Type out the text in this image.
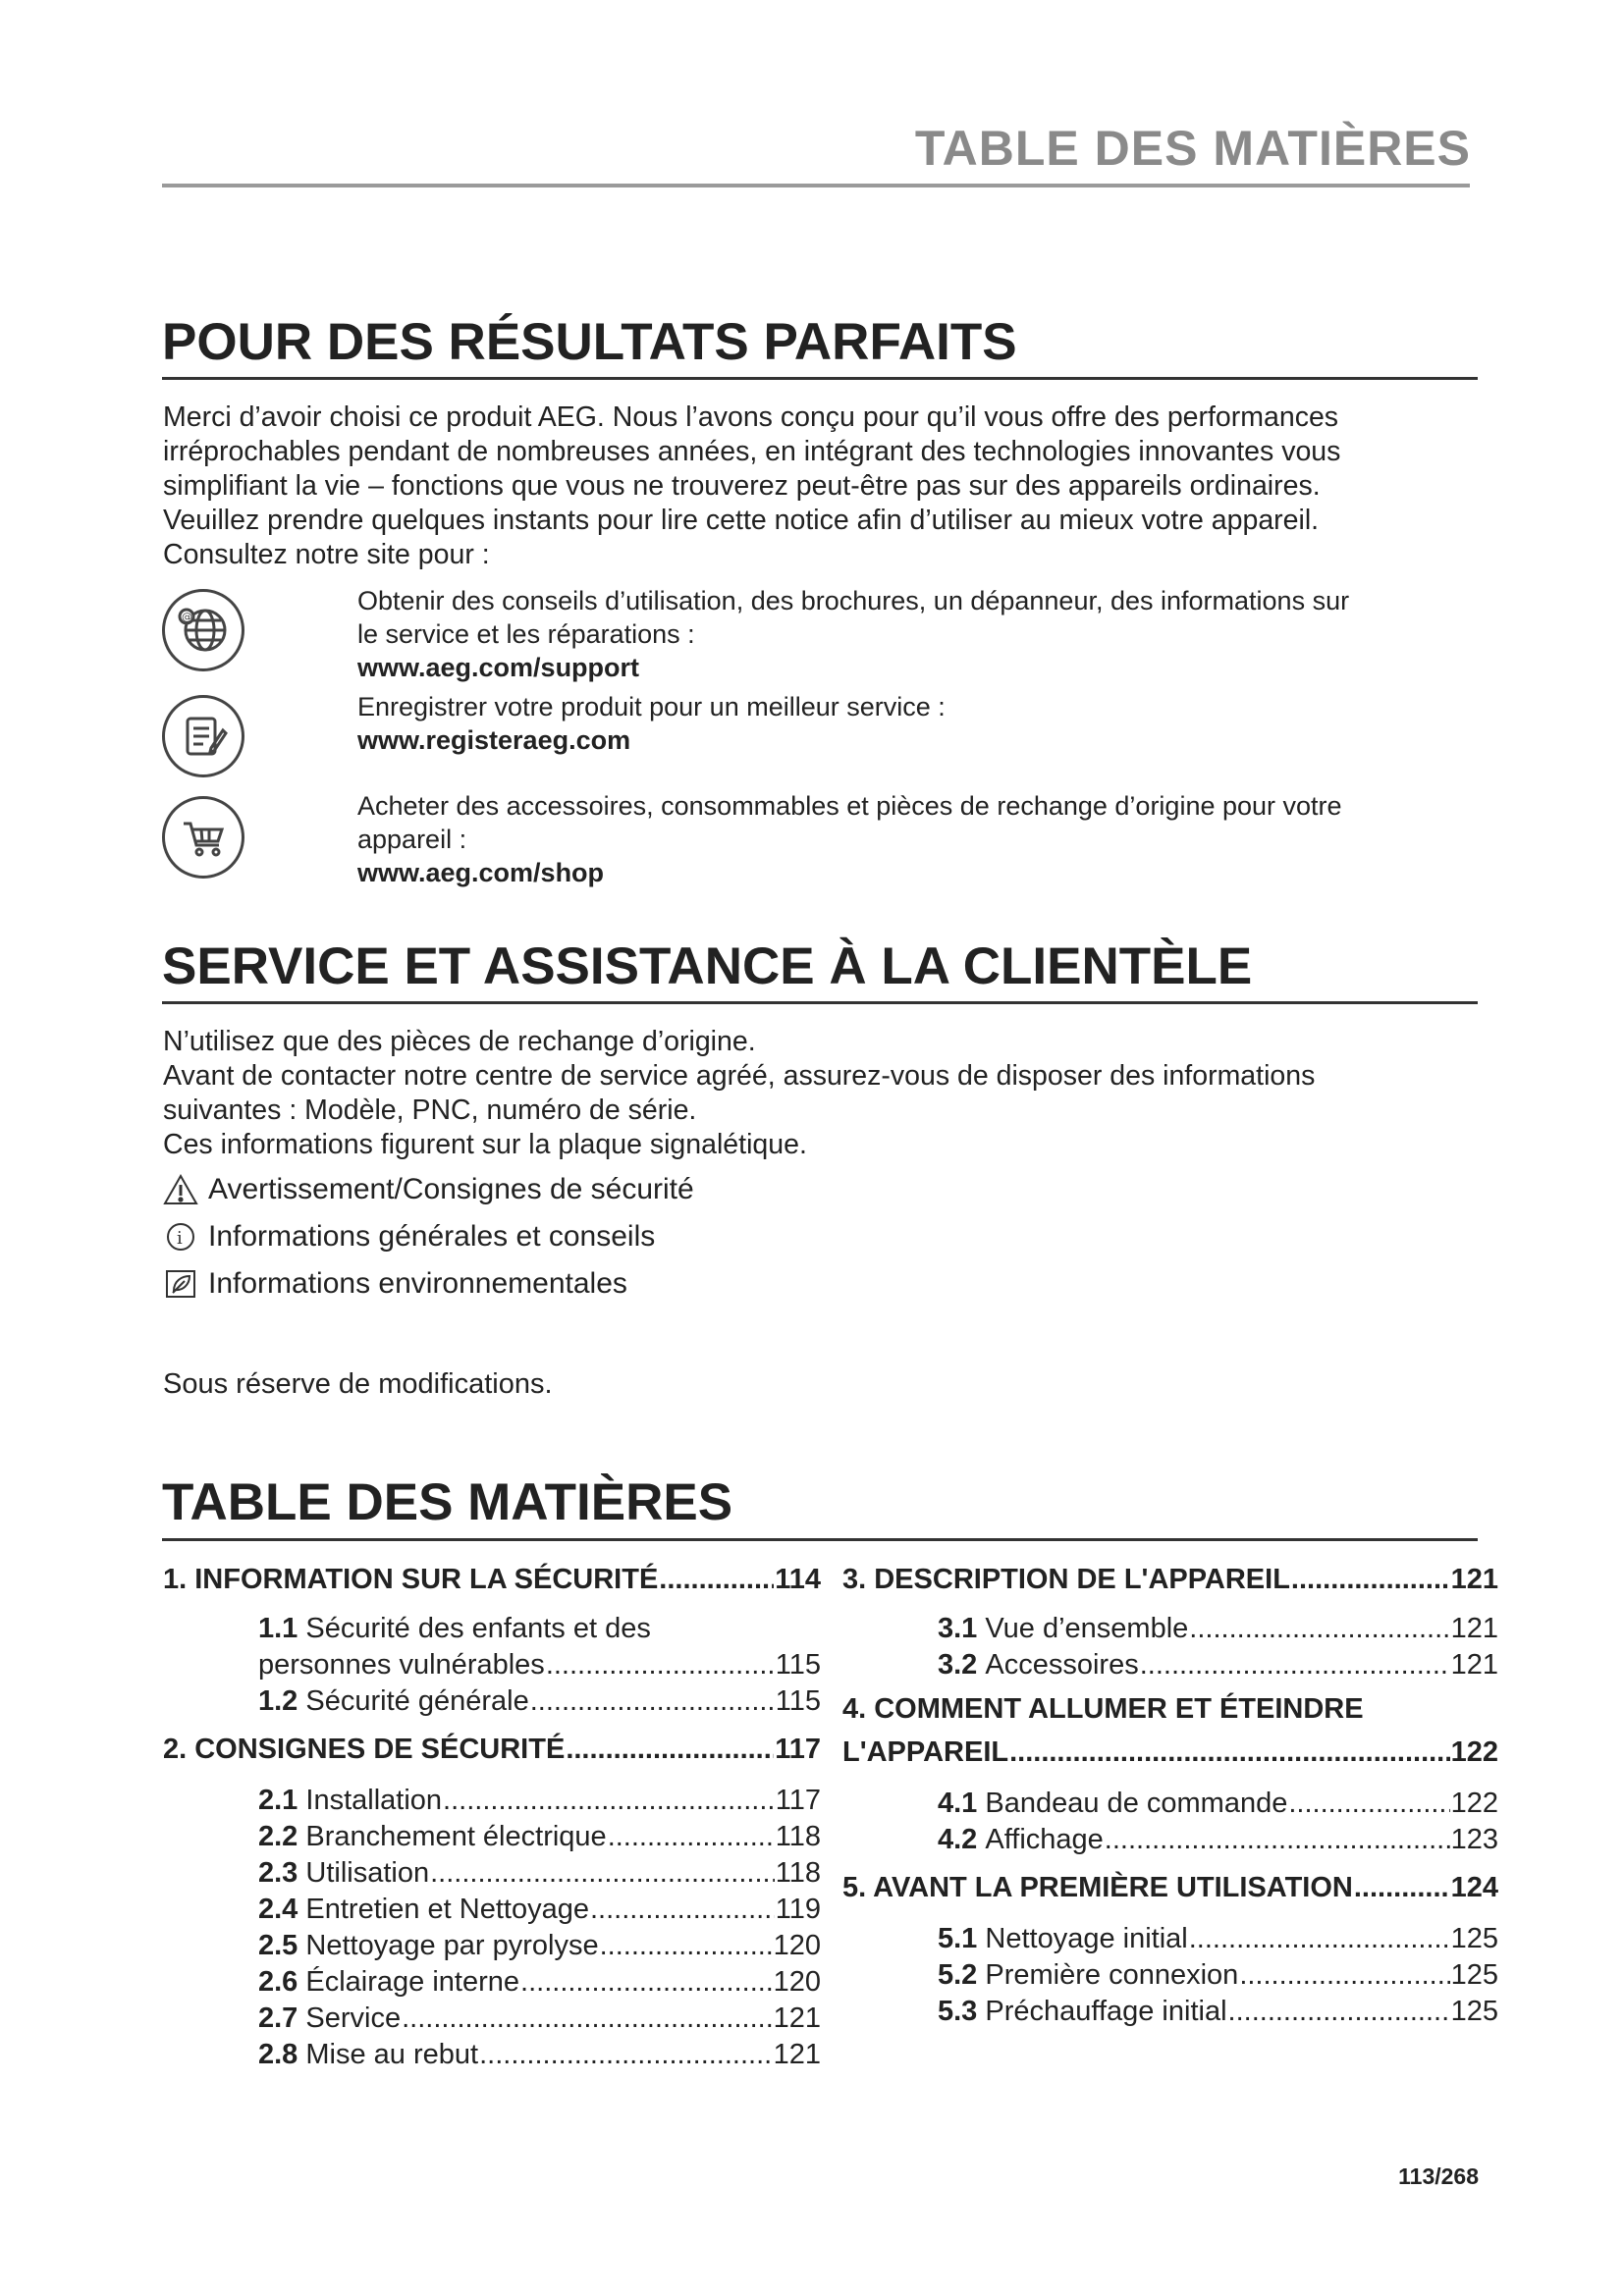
TABLE DES MATIÈRES
POUR DES RÉSULTATS PARFAITS

Merci d’avoir choisi ce produit AEG. Nous l’avons conçu pour qu’il vous offre des performances

irréprochables pendant de nombreuses années, en intégrant des technologies innovantes vous

simplifiant la vie – fonctions que vous ne trouverez peut-être pas sur des appareils ordinaires.

Veuillez prendre quelques instants pour lire cette notice afin d’utiliser au mieux votre appareil.

Consultez notre site pour :

@
Obtenir des conseils d’utilisation, des brochures, un dépanneur, des informations sur
le service et les réparations :
www.aeg.com/support
Enregistrer votre produit pour un meilleur service :
www.registeraeg.com
Acheter des accessoires, consommables et pièces de rechange d’origine pour votre
appareil :
www.aeg.com/shop
SERVICE ET ASSISTANCE À LA CLIENTÈLE

N’utilisez que des pièces de rechange d’origine.

Avant de contacter notre centre de service agréé, assurez-vous de disposer des informations

suivantes : Modèle, PNC, numéro de série.

Ces informations figurent sur la plaque signalétique.

Avertissement/Consignes de sécurité
i Informations générales et conseils
Informations environnementales
Sous réserve de modifications.
TABLE DES MATIÈRES
1. INFORMATION SUR LA SÉCURITÉ .....	114
1.1
Sécurité des enfants et des
personnes vulnérables .....	115
1.2
Sécurité générale .....	115
2. CONSIGNES DE SÉCURITÉ .....	117
2.1
Installation .....	117
2.2
Branchement électrique .....	118
2.3
Utilisation .....	118
2.4
Entretien et Nettoyage .....	119
2.5
Nettoyage par pyrolyse .....	120
2.6
Éclairage interne .....	120
2.7
Service .....	121
2.8
Mise au rebut .....	121
3. DESCRIPTION DE L'APPAREIL .....	121
3.1
Vue d’ensemble .....	121
3.2
Accessoires .....	121
4. COMMENT ALLUMER ET ÉTEINDRE
L'APPAREIL .....	122
4.1
Bandeau de commande .....	122
4.2
Affichage .....	123
5. AVANT LA PREMIÈRE UTILISATION .....	124
5.1
Nettoyage initial .....	125
5.2
Première connexion .....	125
5.3
Préchauffage initial .....	125
113/268
